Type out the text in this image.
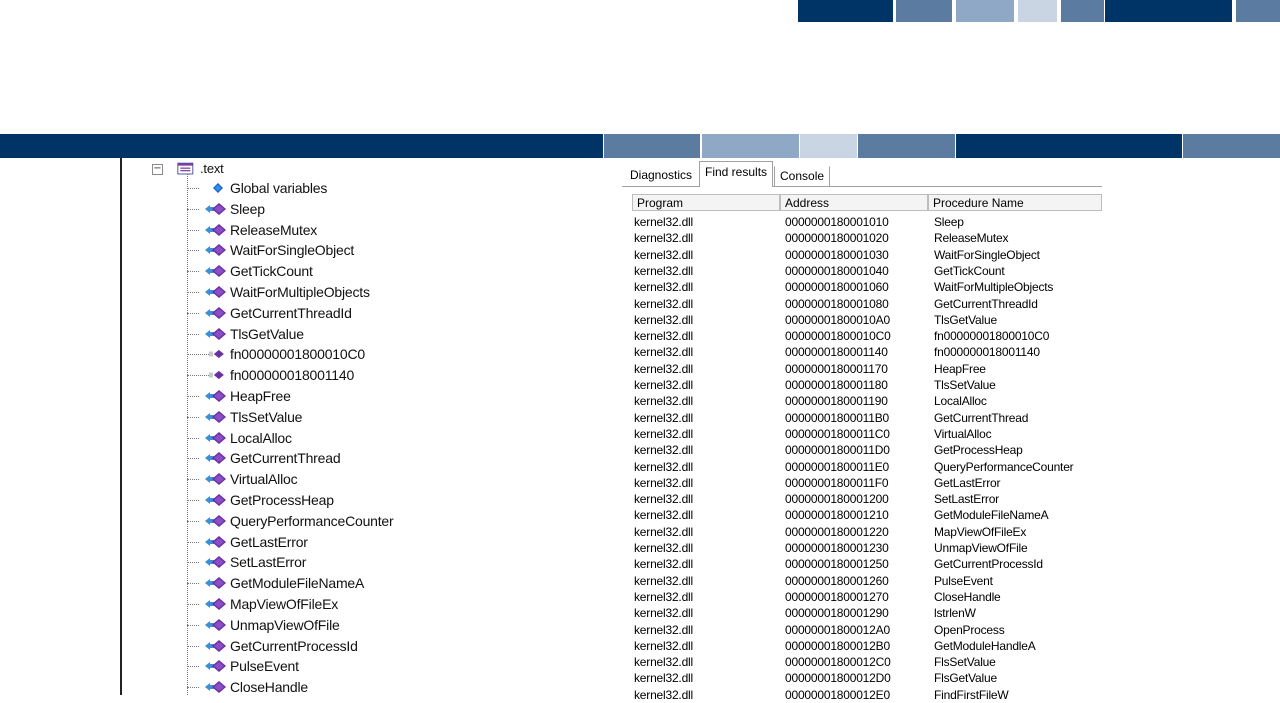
−	.text
Global variables
Sleep
ReleaseMutex
WaitForSingleObject
GetTickCount
WaitForMultipleObjects
GetCurrentThreadId
TlsGetValue
fn00000001800010C0
fn000000018001140
HeapFree
TlsSetValue
LocalAlloc
GetCurrentThread
VirtualAlloc
GetProcessHeap
QueryPerformanceCounter
GetLastError
SetLastError
GetModuleFileNameA
MapViewOfFileEx
UnmapViewOfFile
GetCurrentProcessId
PulseEvent
CloseHandle
Diagnostics	Find results	Console
Program	Address	Procedure Name
kernel32.dll	0000000180001010	Sleep
kernel32.dll	0000000180001020	ReleaseMutex
kernel32.dll	0000000180001030	WaitForSingleObject
kernel32.dll	0000000180001040	GetTickCount
kernel32.dll	0000000180001060	WaitForMultipleObjects
kernel32.dll	0000000180001080	GetCurrentThreadId
kernel32.dll	00000001800010A0	TlsGetValue
kernel32.dll	00000001800010C0	fn00000001800010C0
kernel32.dll	0000000180001140	fn000000018001140
kernel32.dll	0000000180001170	HeapFree
kernel32.dll	0000000180001180	TlsSetValue
kernel32.dll	0000000180001190	LocalAlloc
kernel32.dll	00000001800011B0	GetCurrentThread
kernel32.dll	00000001800011C0	VirtualAlloc
kernel32.dll	00000001800011D0	GetProcessHeap
kernel32.dll	00000001800011E0	QueryPerformanceCounter
kernel32.dll	00000001800011F0	GetLastError
kernel32.dll	0000000180001200	SetLastError
kernel32.dll	0000000180001210	GetModuleFileNameA
kernel32.dll	0000000180001220	MapViewOfFileEx
kernel32.dll	0000000180001230	UnmapViewOfFile
kernel32.dll	0000000180001250	GetCurrentProcessId
kernel32.dll	0000000180001260	PulseEvent
kernel32.dll	0000000180001270	CloseHandle
kernel32.dll	0000000180001290	lstrlenW
kernel32.dll	00000001800012A0	OpenProcess
kernel32.dll	00000001800012B0	GetModuleHandleA
kernel32.dll	00000001800012C0	FlsSetValue
kernel32.dll	00000001800012D0	FlsGetValue
kernel32.dll	00000001800012E0	FindFirstFileW
